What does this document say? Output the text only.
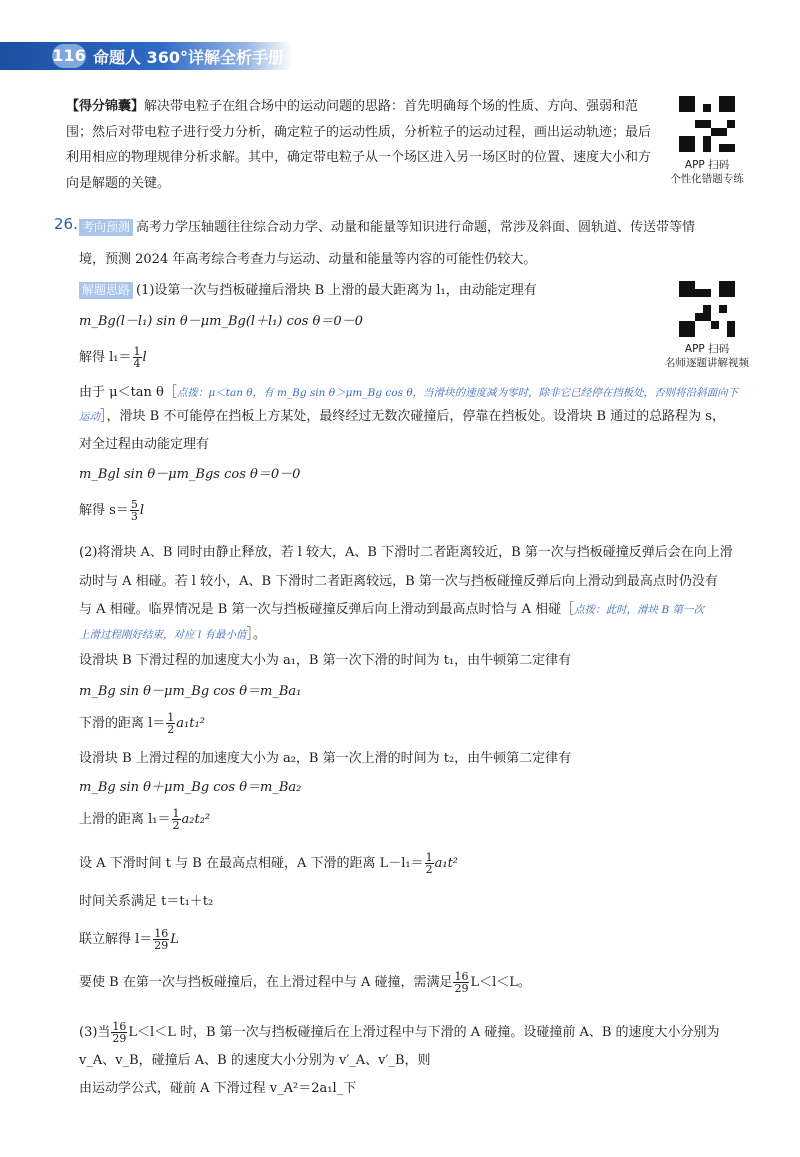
116 命题人 360°详解全析手册
【得分锦囊】解决带电粒子在组合场中的运动问题的思路：首先明确每个场的性质、方向、强弱和范围；然后对带电粒子进行受力分析，确定粒子的运动性质，分析粒子的运动过程，画出运动轨迹；最后利用相应的物理规律分析求解。其中，确定带电粒子从一个场区进入另一场区时的位置、速度大小和方向是解题的关键。
APP 扫码
个性化错题专练
APP 扫码
名师逐题讲解视频
26. 考向预测 高考力学压轴题往往综合动力学、动量和能量等知识进行命题，常涉及斜面、圆轨道、传送带等情
境，预测 2024 年高考综合考查力与运动、动量和能量等内容的可能性仍较大。
解题思路 (1)设第一次与挡板碰撞后滑块 B 上滑的最大距离为 l₁，由动能定理有
m_Bg(l－l₁) sin θ－μm_Bg(l＋l₁) cos θ＝0－0
解得 $l_1= \frac{1}{4}$ l
由于 μ＜tan θ［点拨：μ＜tan θ，有 m_Bg sin θ＞μm_Bg cos θ，当滑块的速度减为零时，除非它已经停在挡板处，否则将沿斜面向下
运动］，滑块 B 不可能停在挡板上方某处，最终经过无数次碰撞后，停靠在挡板处。设滑块 B 通过的总路程为 s，
对全过程由动能定理有
m_Bgl sin θ－μm_Bgs cos θ＝0－0
解得 $s= \frac{5}{3}$ l
(2)将滑块 A、B 同时由静止释放，若 l 较大，A、B 下滑时二者距离较近，B 第一次与挡板碰撞反弹后会在向上滑
动时与 A 相碰。若 l 较小，A、B 下滑时二者距离较远，B 第一次与挡板碰撞反弹后向上滑动到最高点时仍没有
与 A 相碰。临界情况是 B 第一次与挡板碰撞反弹后向上滑动到最高点时恰与 A 相碰［点拨：此时，滑块 B 第一次
上滑过程刚好结束，对应 l 有最小值］。
设滑块 B 下滑过程的加速度大小为 a₁，B 第一次下滑的时间为 t₁，由牛顿第二定律有
m_Bg sin θ－μm_Bg cos θ＝m_Ba₁
下滑的距离 $l= \frac{1}{2} a_1t_1^2$
设滑块 B 上滑过程的加速度大小为 a₂，B 第一次上滑的时间为 t₂，由牛顿第二定律有
m_Bg sin θ＋μm_Bg cos θ＝m_Ba₂
上滑的距离 $l_1= \frac{1}{2} a_2t_2^2$
设 A 下滑时间 t 与 B 在最高点相碰，A 下滑的距离 $L-l_1= \frac{1}{2} a_1t^2$
时间关系满足 t＝t₁＋t₂
联立解得 $l= \frac{16}{29}$ L
要使 B 在第一次与挡板碰撞后，在上滑过程中与 A 碰撞，需满足 $\frac{16}{29} L<l<L$。
(3)当 $\frac{16}{29} L<l<L$ 时，B 第一次与挡板碰撞后在上滑过程中与下滑的 A 碰撞。设碰撞前 A、B 的速度大小分别为
v_A、v_B，碰撞后 A、B 的速度大小分别为 v′_A、v′_B，则
由运动学公式，碰前 A 下滑过程 v_A²＝2a₁l_下
